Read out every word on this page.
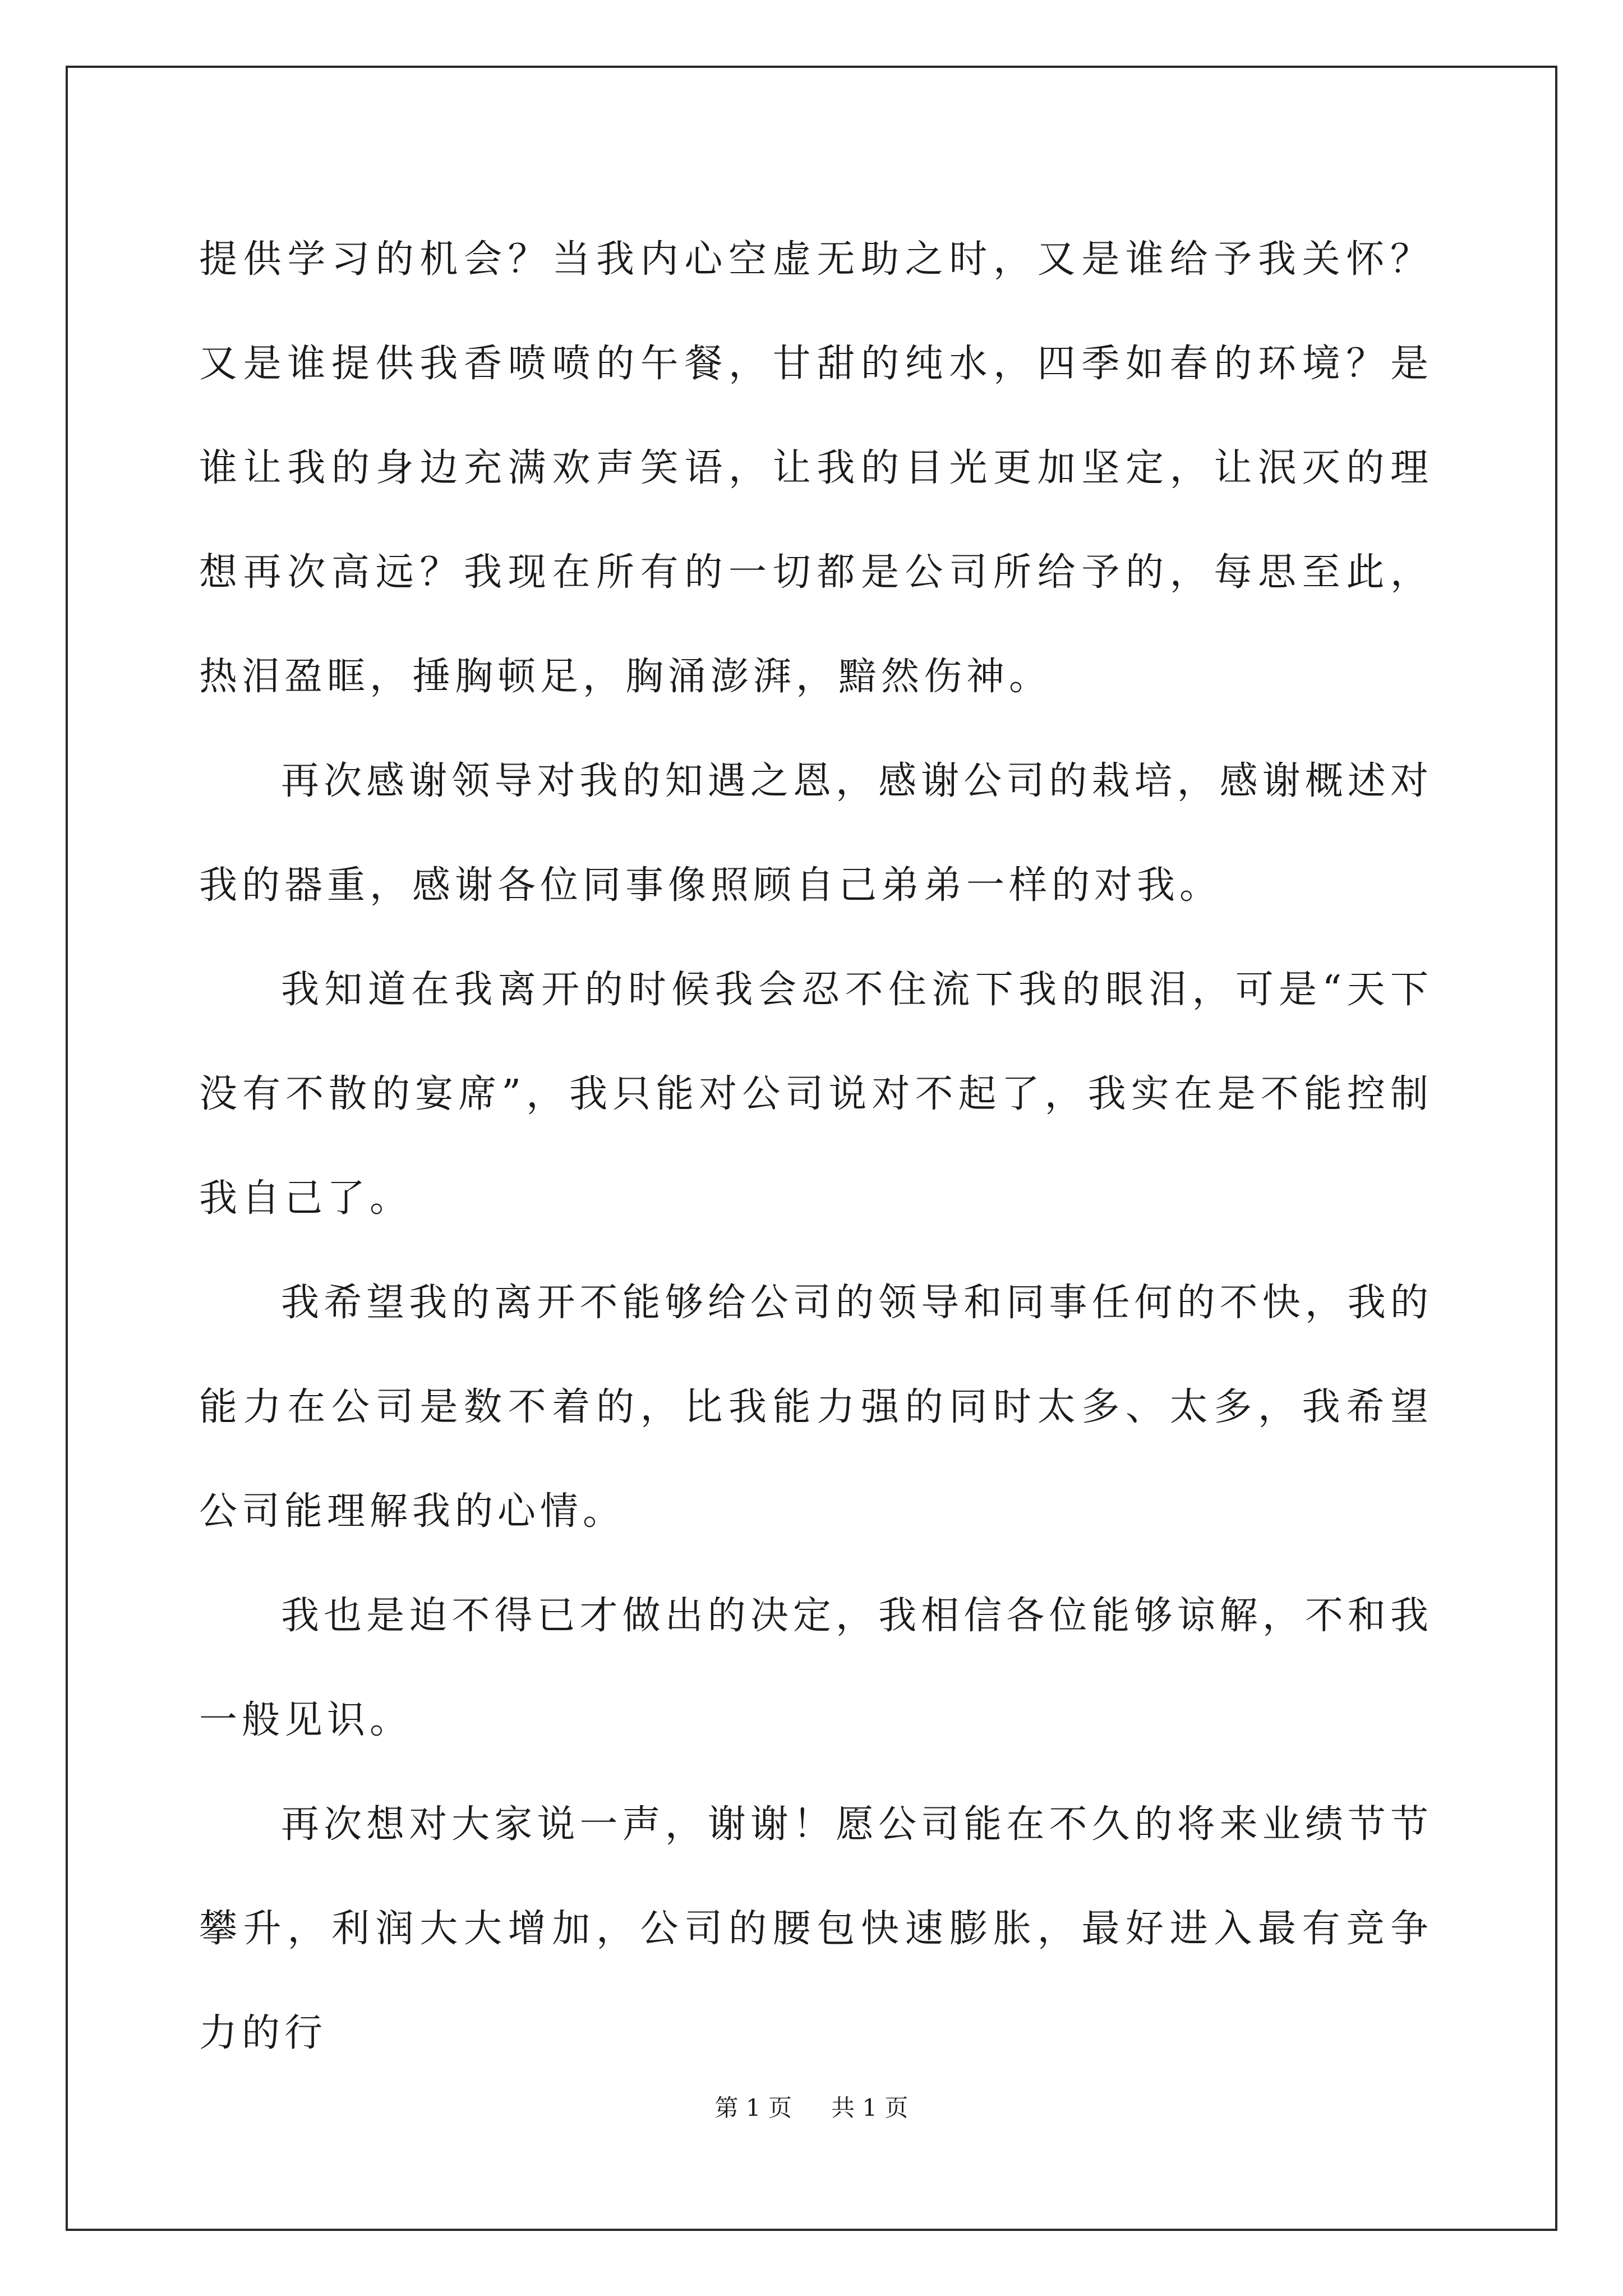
提供学习的机会？当我内心空虚无助之时，又是谁给予我关怀？又是谁提供我香喷喷的午餐，甘甜的纯水，四季如春的环境？是谁让我的身边充满欢声笑语，让我的目光更加坚定，让泯灭的理想再次高远？我现在所有的一切都是公司所给予的，每思至此，热泪盈眶，捶胸顿足，胸涌澎湃，黯然伤神。

再次感谢领导对我的知遇之恩，感谢公司的栽培，感谢概述对我的器重，感谢各位同事像照顾自己弟弟一样的对我。

我知道在我离开的时候我会忍不住流下我的眼泪，可是“天下没有不散的宴席”，我只能对公司说对不起了，我实在是不能控制我自己了。

我希望我的离开不能够给公司的领导和同事任何的不快，我的能力在公司是数不着的，比我能力强的同时太多、太多，我希望公司能理解我的心情。

我也是迫不得已才做出的决定，我相信各位能够谅解，不和我一般见识。

再次想对大家说一声，谢谢！愿公司能在不久的将来业绩节节攀升，利润大大增加，公司的腰包快速膨胀，最好进入最有竞争力的行

第 1 页 共 1 页
